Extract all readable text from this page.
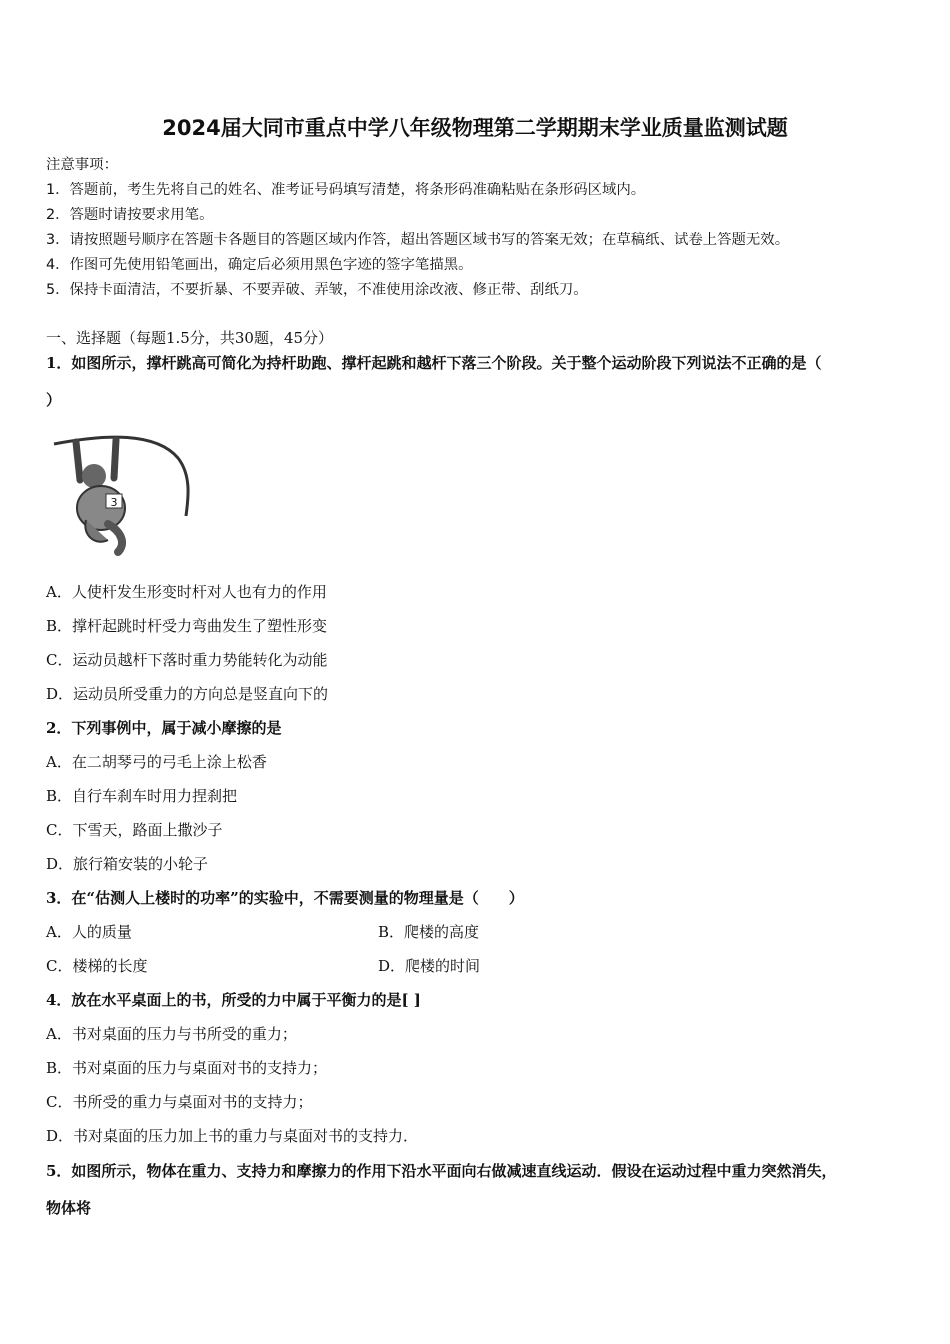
2024届大同市重点中学八年级物理第二学期期末学业质量监测试题
注意事项：
1．答题前，考生先将自己的姓名、准考证号码填写清楚，将条形码准确粘贴在条形码区域内。
2．答题时请按要求用笔。
3．请按照题号顺序在答题卡各题目的答题区域内作答，超出答题区域书写的答案无效；在草稿纸、试卷上答题无效。
4．作图可先使用铅笔画出，确定后必须用黑色字迹的签字笔描黑。
5．保持卡面清洁，不要折暴、不要弄破、弄皱，不准使用涂改液、修正带、刮纸刀。
一、选择题（每题1.5分，共30题，45分）
1．如图所示，撑杆跳高可简化为持杆助跑、撑杆起跳和越杆下落三个阶段。关于整个运动阶段下列说法不正确的是（
）
3
A．人使杆发生形变时杆对人也有力的作用
B．撑杆起跳时杆受力弯曲发生了塑性形变
C．运动员越杆下落时重力势能转化为动能
D．运动员所受重力的方向总是竖直向下的
2．下列事例中，属于减小摩擦的是
A．在二胡琴弓的弓毛上涂上松香
B．自行车刹车时用力捏刹把
C．下雪天，路面上撒沙子
D．旅行箱安装的小轮子
3．在“估测人上楼时的功率”的实验中，不需要测量的物理量是（　　）
A．人的质量	B．爬楼的高度
C．楼梯的长度	D．爬楼的时间
4．放在水平桌面上的书，所受的力中属于平衡力的是[ ]
A．书对桌面的压力与书所受的重力；
B．书对桌面的压力与桌面对书的支持力；
C．书所受的重力与桌面对书的支持力；
D．书对桌面的压力加上书的重力与桌面对书的支持力．
5．如图所示，物体在重力、支持力和摩擦力的作用下沿水平面向右做减速直线运动．假设在运动过程中重力突然消失，
物体将
